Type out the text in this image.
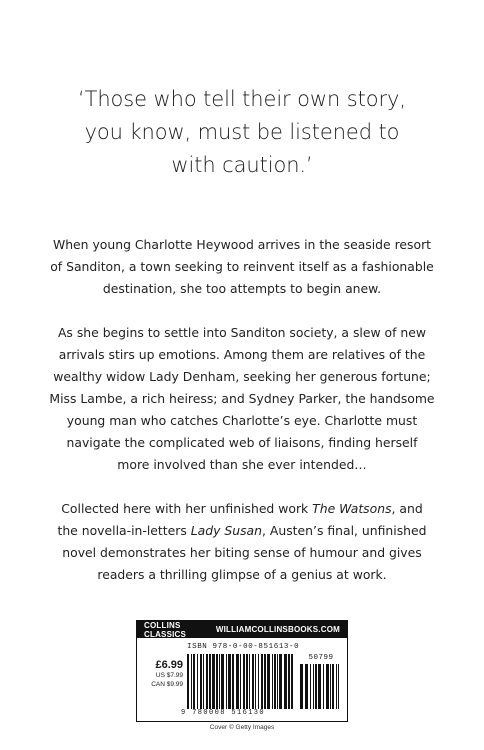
‘Those who tell their own story,
you know, must be listened to
with caution.’
When young Charlotte Heywood arrives in the seaside resort
of Sanditon, a town seeking to reinvent itself as a fashionable
destination, she too attempts to begin anew.
As she begins to settle into Sanditon society, a slew of new
arrivals stirs up emotions. Among them are relatives of the
wealthy widow Lady Denham, seeking her generous fortune;
Miss Lambe, a rich heiress; and Sydney Parker, the handsome
young man who catches Charlotte’s eye. Charlotte must
navigate the complicated web of liaisons, finding herself
more involved than she ever intended…
Collected here with her unfinished work The Watsons, and
the novella-in-letters Lady Susan, Austen’s final, unfinished
novel demonstrates her biting sense of humour and gives
readers a thrilling glimpse of a genius at work.
COLLINS CLASSICS	WILLIAMCOLLINSBOOKS.COM
ISBN 978-0-00-851613-0
£6.99
US $7.99
CAN $9.99
50799
9 780008 516130
Cover © Getty Images
